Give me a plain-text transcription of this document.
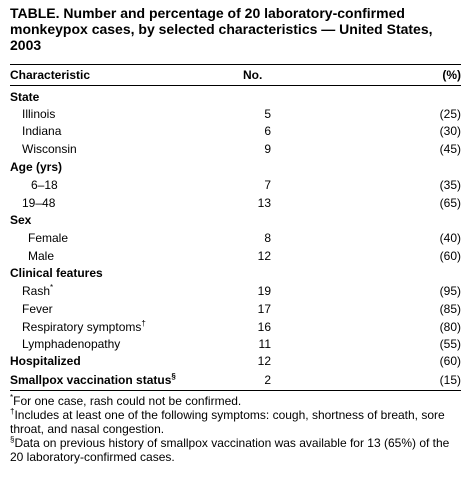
TABLE. Number and percentage of 20 laboratory-confirmed monkeypox cases, by selected characteristics — United States, 2003
Characteristic	No.	(%)
State
Illinois	5	(25)
Indiana	6	(30)
Wisconsin	9	(45)
Age (yrs)
6–18	7	(35)
19–48	13	(65)
Sex
Female	8	(40)
Male	12	(60)
Clinical features
Rash*	19	(95)
Fever	17	(85)
Respiratory symptoms†	16	(80)
Lymphadenopathy	11	(55)
Hospitalized	12	(60)
Smallpox vaccination status§	2	(15)
*For one case, rash could not be confirmed.
†Includes at least one of the following symptoms: cough, shortness of breath, sore throat, and nasal congestion.
§Data on previous history of smallpox vaccination was available for 13 (65%) of the 20 laboratory-confirmed cases.
